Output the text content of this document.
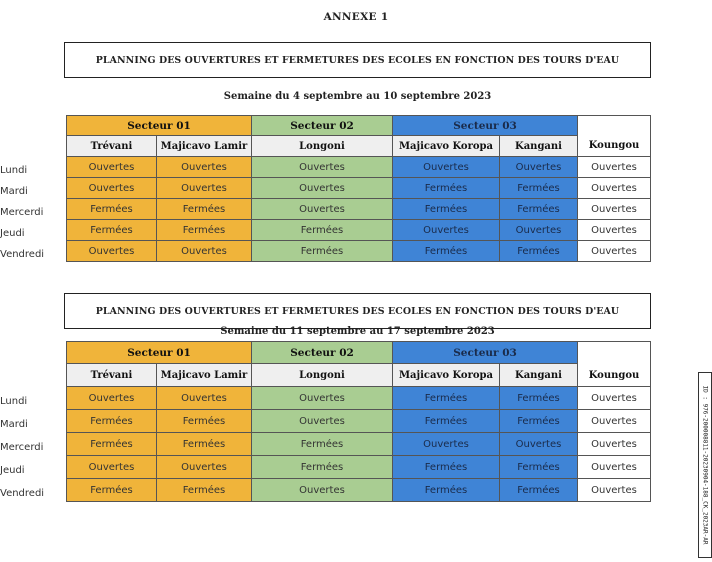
ANNEXE 1
PLANNING DES OUVERTURES ET FERMETURES DES ECOLES EN FONCTION DES TOURS D'EAU
Semaine du 4 septembre au 10 septembre 2023
Secteur 01	Secteur 02	Secteur 03
Trévani	Majicavo Lamir	Longoni	Majicavo Koropa	Kangani	Koungou
Lundi	Ouvertes	Ouvertes	Ouvertes	Ouvertes	Ouvertes	Ouvertes
Mardi	Ouvertes	Ouvertes	Ouvertes	Fermées	Fermées	Ouvertes
Mercerdi	Fermées	Fermées	Ouvertes	Fermées	Fermées	Ouvertes
Jeudi	Fermées	Fermées	Fermées	Ouvertes	Ouvertes	Ouvertes
Vendredi	Ouvertes	Ouvertes	Fermées	Fermées	Fermées	Ouvertes
PLANNING DES OUVERTURES ET FERMETURES DES ECOLES EN FONCTION DES TOURS D'EAU
Semaine du 11 septembre au 17 septembre 2023
Secteur 01	Secteur 02	Secteur 03
Trévani	Majicavo Lamir	Longoni	Majicavo Koropa	Kangani	Koungou
Lundi	Ouvertes	Ouvertes	Ouvertes	Fermées	Fermées	Ouvertes
Mardi	Fermées	Fermées	Ouvertes	Fermées	Fermées	Ouvertes
Mercerdi	Fermées	Fermées	Fermées	Ouvertes	Ouvertes	Ouvertes
Jeudi	Ouvertes	Ouvertes	Fermées	Fermées	Fermées	Ouvertes
Vendredi	Fermées	Fermées	Ouvertes	Fermées	Fermées	Ouvertes	ID : 976-200008811-20230904-188_CK_2023AR-AR
